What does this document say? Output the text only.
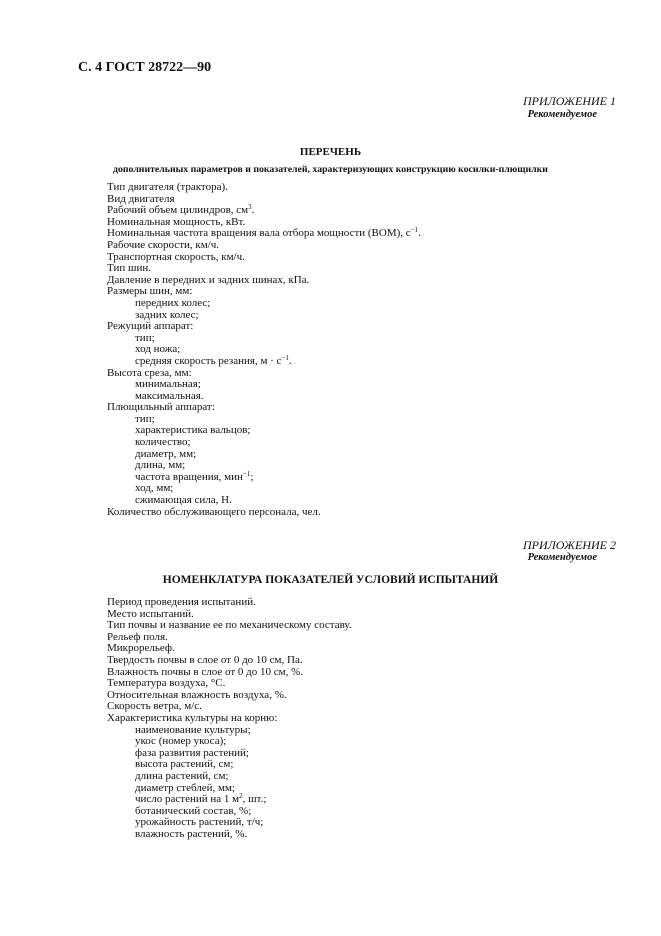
С. 4 ГОСТ 28722—90
ПРИЛОЖЕНИЕ 1
Рекомендуемое
ПЕРЕЧЕНЬ
дополнительных параметров и показателей, характеризующих конструкцию косилки-плющилки
Тип двигателя (трактора).
Вид двигателя
Рабочий объем цилиндров, $см^3$.
Номинальная мощность, кВт.
Номинальная частота вращения вала отбора мощности (ВОМ), $с^{-1}$.
Рабочие скорости, км/ч.
Транспортная скорость, км/ч.
Тип шин.
Давление в передних и задних шинах, кПа.
Размеры шин, мм:
передних колес;
задних колес;
Режущий аппарат:
тип;
ход ножа;
средняя скорость резания, $м \cdot с^{-1}$.
Высота среза, мм:
минимальная;
максимальная.
Плющильный аппарат:
тип;
характеристика вальцов;
количество;
диаметр, мм;
длина, мм;
частота вращения, мин$^{-1}$;
ход, мм;
сжимающая сила, Н.
Количество обслуживающего персонала, чел.
ПРИЛОЖЕНИЕ 2
Рекомендуемое
НОМЕНКЛАТУРА ПОКАЗАТЕЛЕЙ УСЛОВИЙ ИСПЫТАНИЙ
Период проведения испытаний.
Место испытаний.
Тип почвы и название ее по механическому составу.
Рельеф поля.
Микрорельеф.
Твердость почвы в слое от 0 до 10 см, Па.
Влажность почвы в слое от 0 до 10 см, %.
Температура воздуха, °С.
Относительная влажность воздуха, %.
Скорость ветра, м/с.
Характеристика культуры на корню:
наименование культуры;
укос (номер укоса);
фаза развития растений;
высота растений, см;
длина растений, см;
диаметр стеблей, мм;
число растений на 1 $м^2$, шт.;
ботанический состав, %;
урожайность растений, т/ч;
влажность растений, %.
